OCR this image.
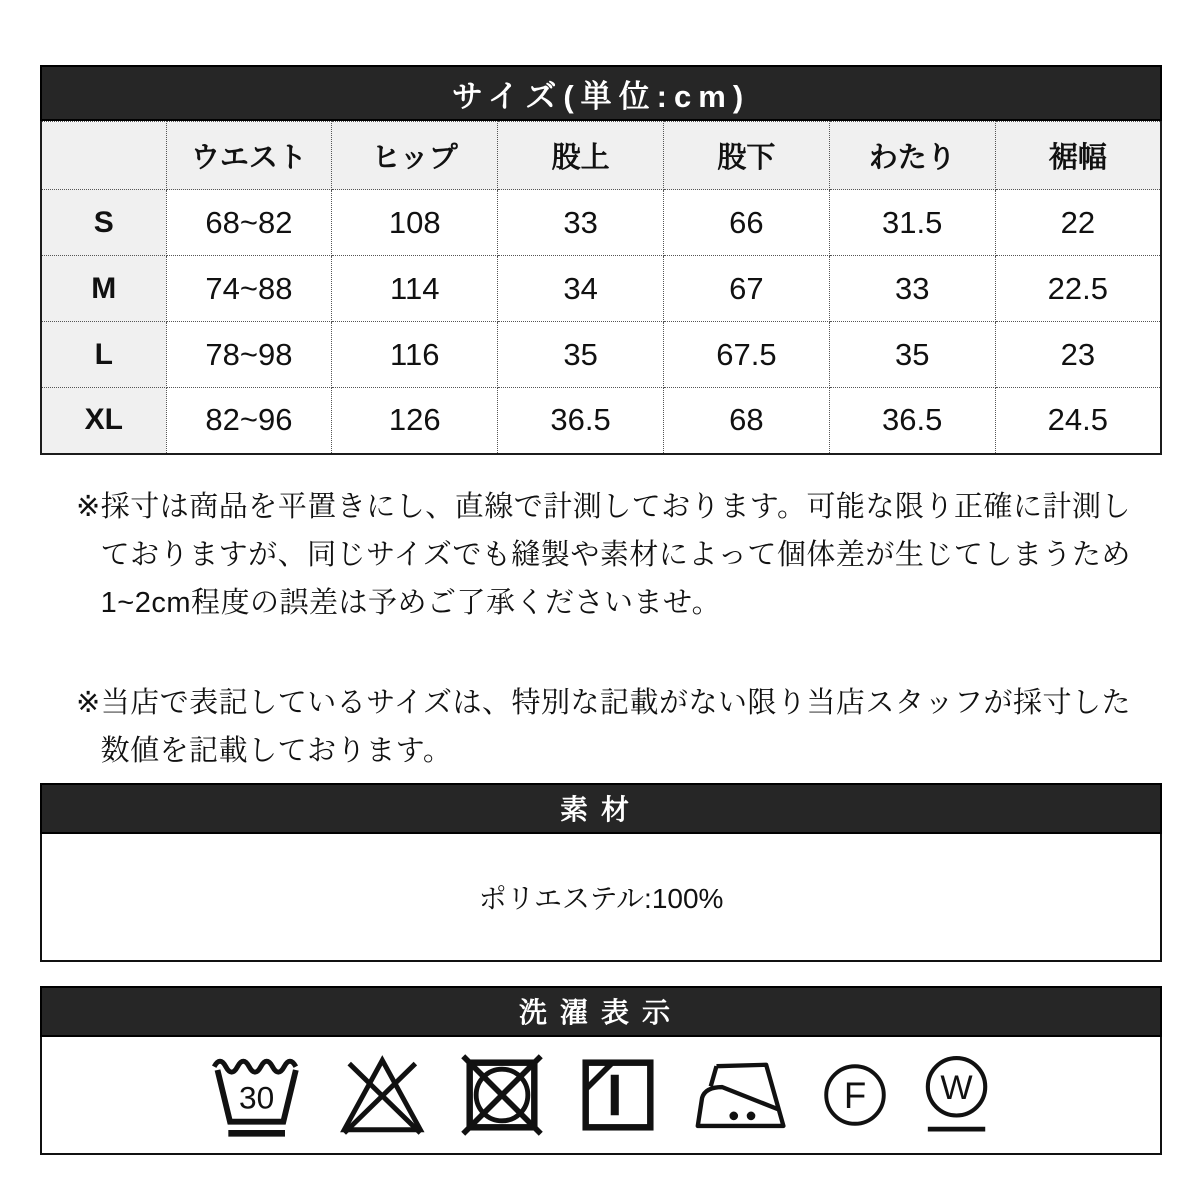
サイズ(単位:cm)
	ウエスト	ヒップ	股上	股下	わたり	裾幅
S	68~82	108	33	66	31.5	22
M	74~88	114	34	67	33	22.5
L	78~98	116	35	67.5	35	23
XL	82~96	126	36.5	68	36.5	24.5

※採寸は商品を平置きにし、直線で計測しております。可能な限り正確に計測しておりますが、同じサイズでも縫製や素材によって個体差が生じてしまうため1~2cm程度の誤差は予めご了承くださいませ。

※当店で表記しているサイズは、特別な記載がない限り当店スタッフが採寸した数値を記載しております。

素材
ポリエステル:100%
洗濯表示
30	F W
